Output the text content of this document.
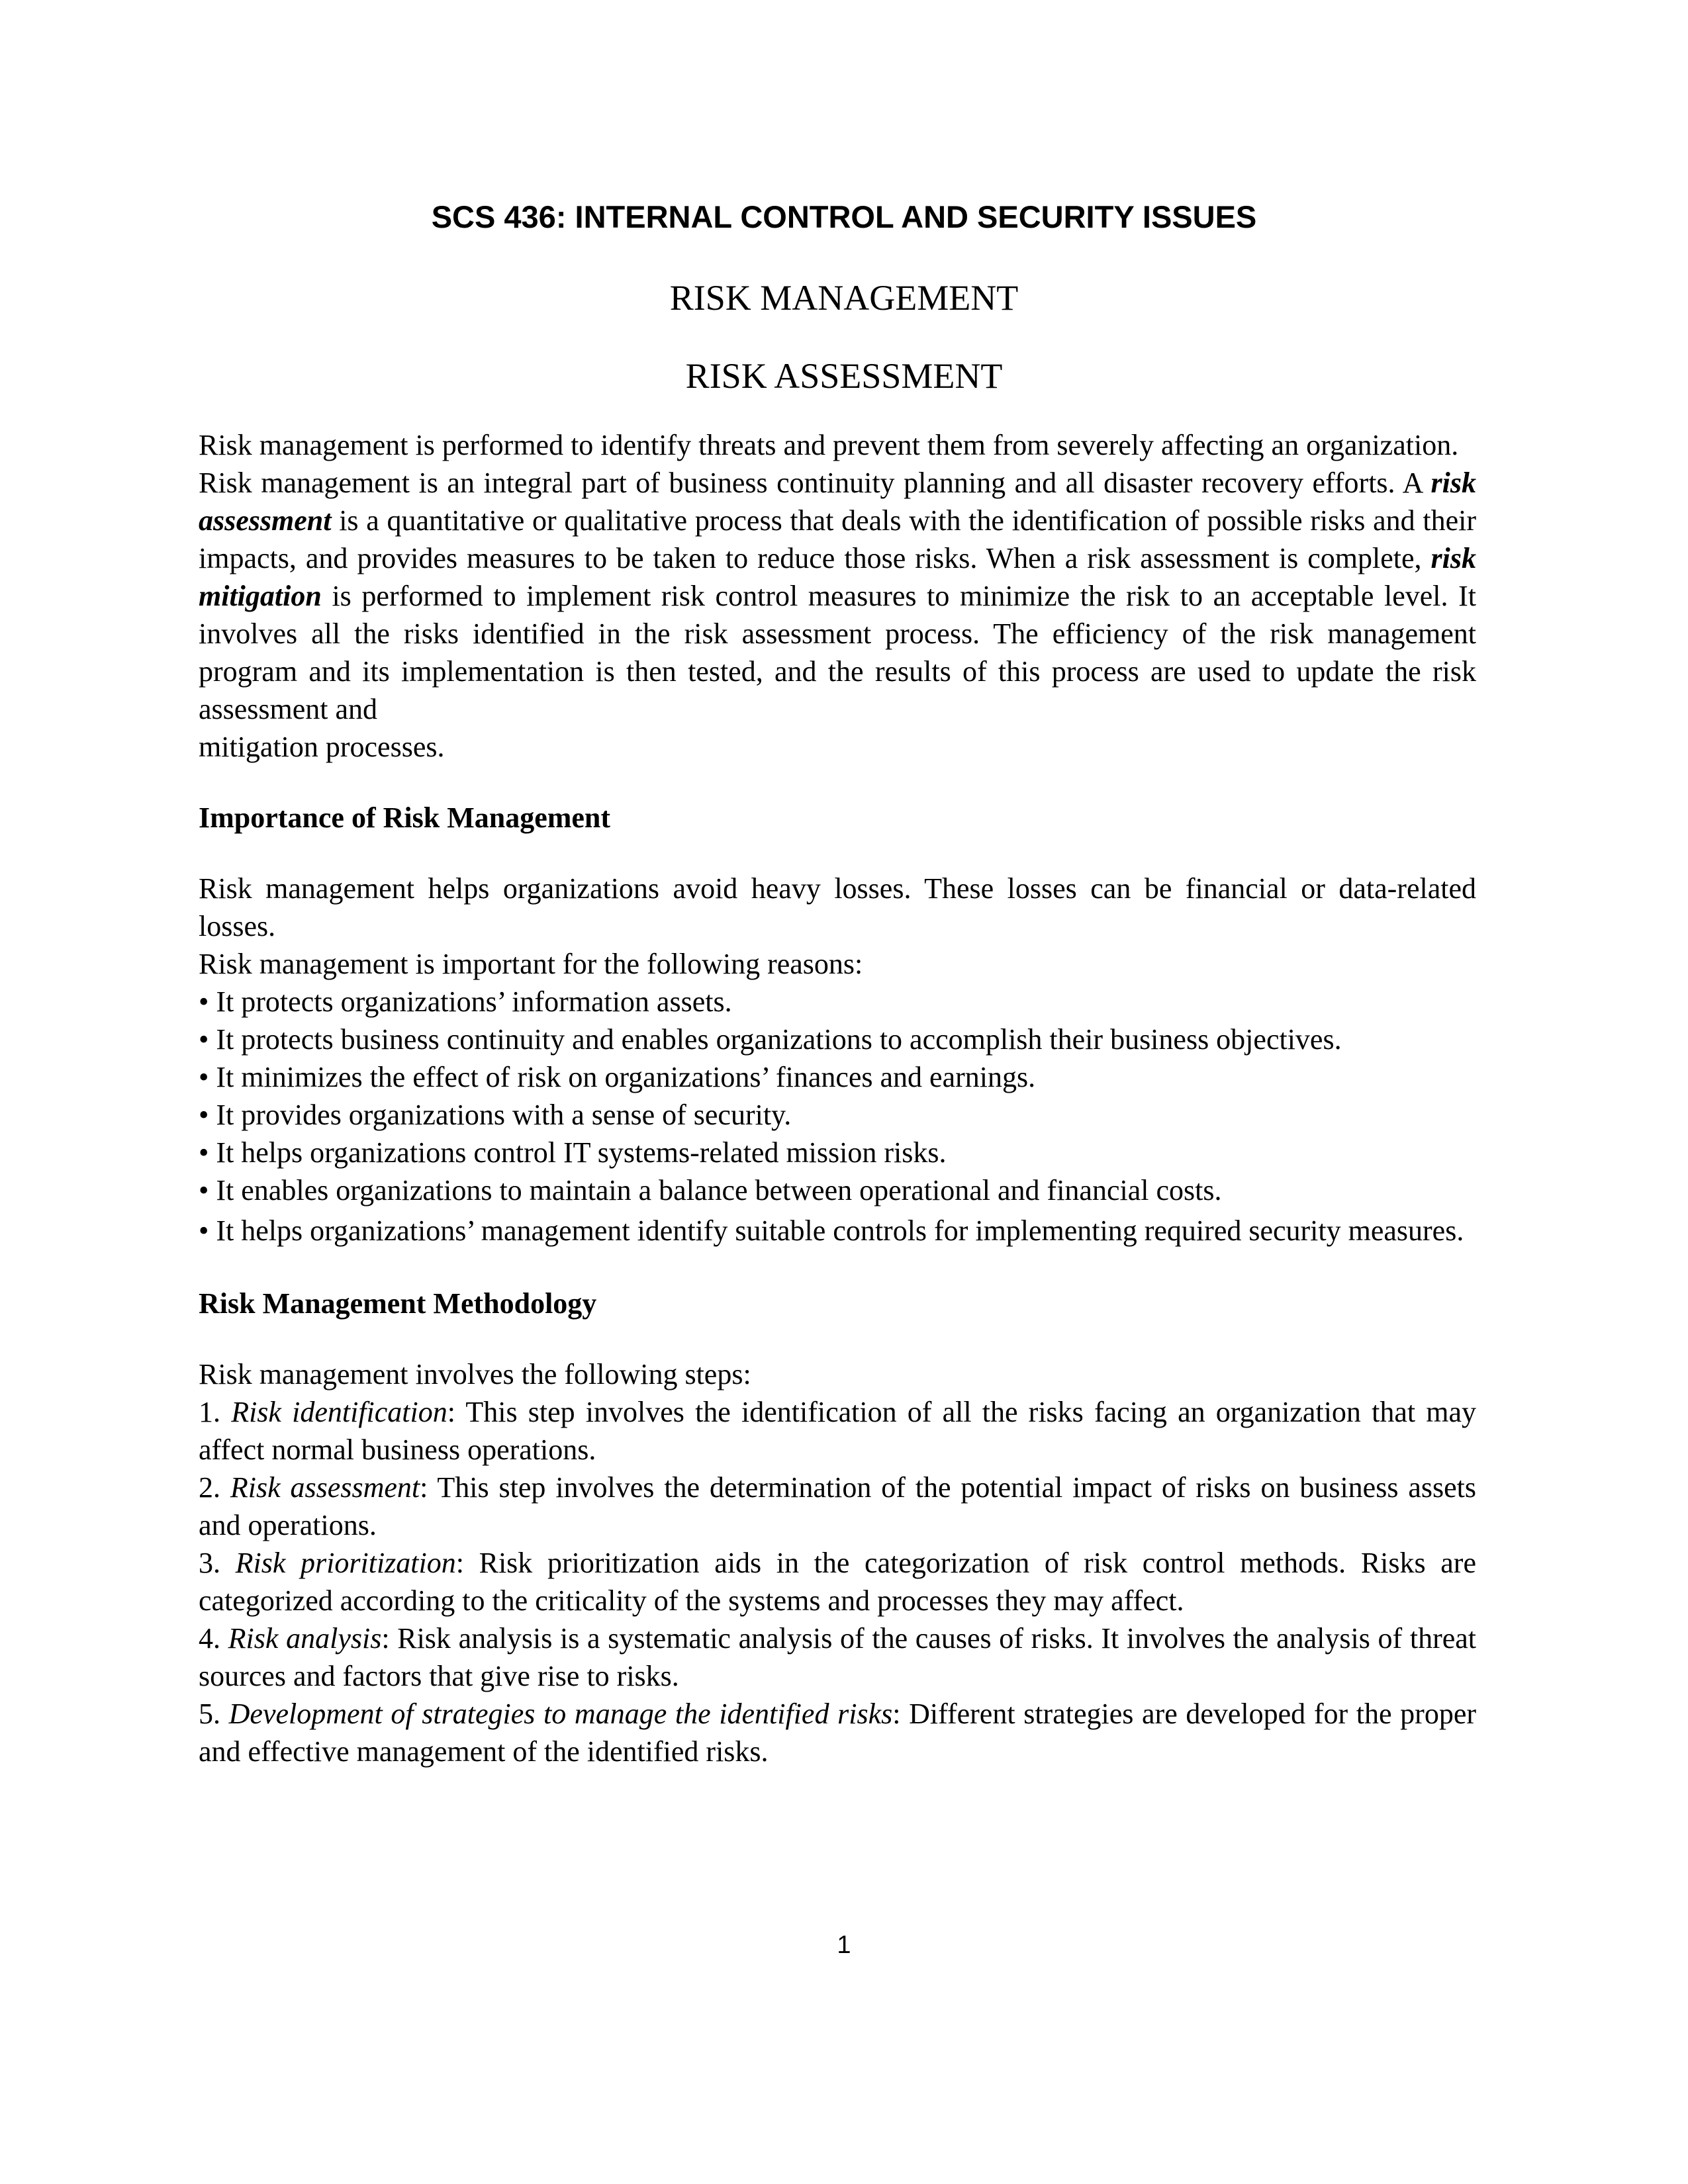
SCS 436: INTERNAL CONTROL AND SECURITY ISSUES
RISK MANAGEMENT
RISK ASSESSMENT

Risk management is performed to identify threats and prevent them from severely affecting an organization.

Risk management is an integral part of business continuity planning and all disaster recovery efforts. A risk assessment is a quantitative or qualitative process that deals with the identification of possible risks and their impacts, and provides measures to be taken to reduce those risks. When a risk assessment is complete, risk mitigation is performed to implement risk control measures to minimize the risk to an acceptable level. It involves all the risks identified in the risk assessment process. The efficiency of the risk management program and its implementation is then tested, and the results of this process are used to update the risk assessment and

mitigation processes.

Importance of Risk Management

Risk management helps organizations avoid heavy losses. These losses can be financial or data-related losses.

Risk management is important for the following reasons:

• It protects organizations’ information assets.

• It protects business continuity and enables organizations to accomplish their business objectives.

• It minimizes the effect of risk on organizations’ finances and earnings.

• It provides organizations with a sense of security.

• It helps organizations control IT systems-related mission risks.

• It enables organizations to maintain a balance between operational and financial costs.

• It helps organizations’ management identify suitable controls for implementing required security measures.

Risk Management Methodology

Risk management involves the following steps:

1. Risk identification: This step involves the identification of all the risks facing an organization that may affect normal business operations.

2. Risk assessment: This step involves the determination of the potential impact of risks on business assets and operations.

3. Risk prioritization: Risk prioritization aids in the categorization of risk control methods. Risks are categorized according to the criticality of the systems and processes they may affect.

4. Risk analysis: Risk analysis is a systematic analysis of the causes of risks. It involves the analysis of threat sources and factors that give rise to risks.

5. Development of strategies to manage the identified risks: Different strategies are developed for the proper and effective management of the identified risks.

1
